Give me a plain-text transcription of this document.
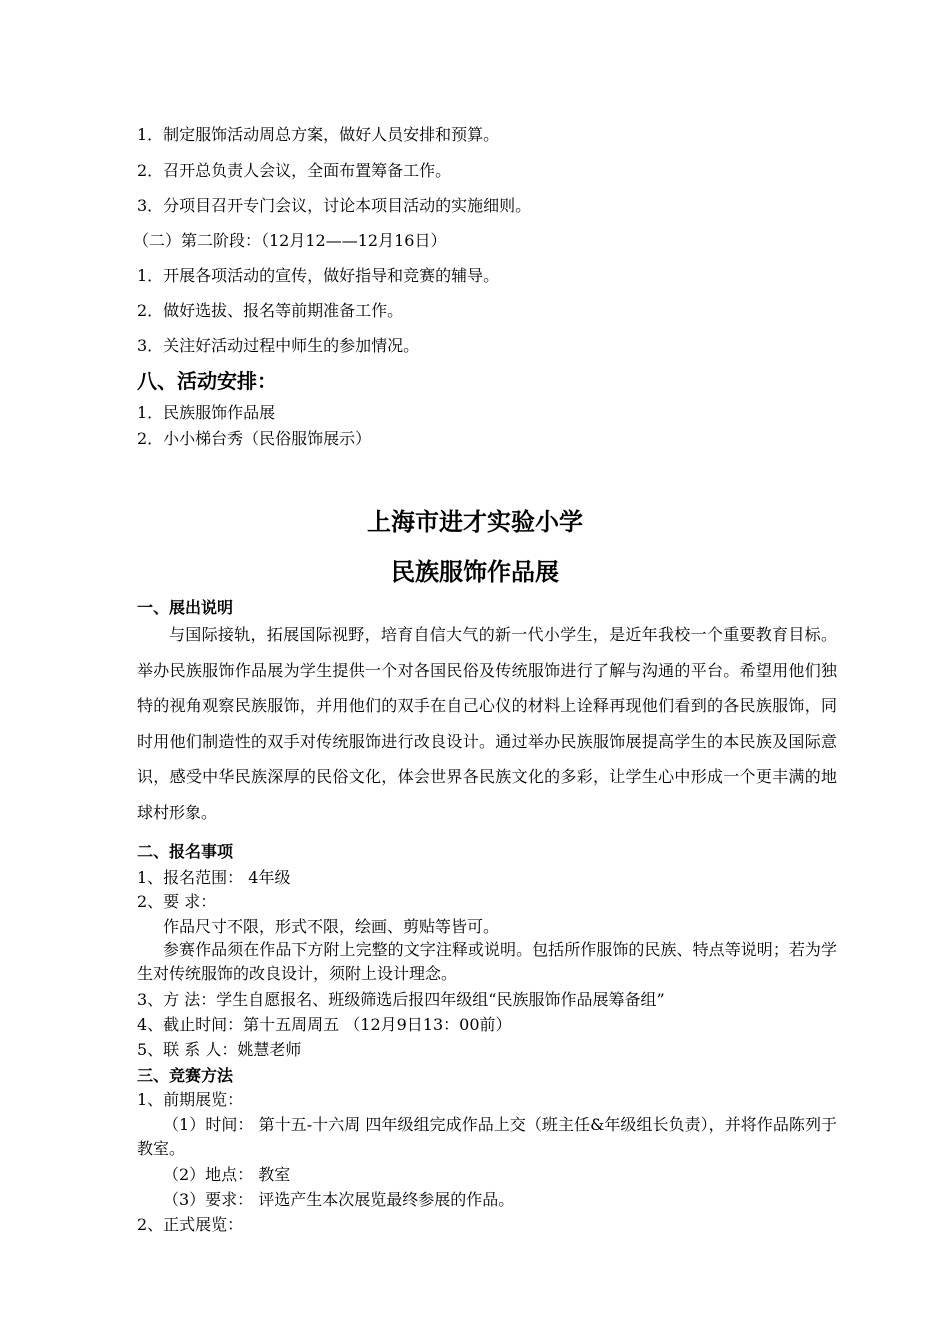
1．制定服饰活动周总方案，做好人员安排和预算。
2．召开总负责人会议，全面布置筹备工作。
3．分项目召开专门会议，讨论本项目活动的实施细则。
（二）第二阶段：（12月12——12月16日）
1．开展各项活动的宣传，做好指导和竞赛的辅导。
2．做好选拔、报名等前期准备工作。
3．关注好活动过程中师生的参加情况。
八、活动安排：
1．民族服饰作品展
2．小小梯台秀（民俗服饰展示）
上海市进才实验小学
民族服饰作品展
一、展出说明
与国际接轨，拓展国际视野，培育自信大气的新一代小学生，是近年我校一个重要教育目标。举办民族服饰作品展为学生提供一个对各国民俗及传统服饰进行了解与沟通的平台。希望用他们独特的视角观察民族服饰，并用他们的双手在自己心仪的材料上诠释再现他们看到的各民族服饰，同时用他们制造性的双手对传统服饰进行改良设计。通过举办民族服饰展提高学生的本民族及国际意识，感受中华民族深厚的民俗文化，体会世界各民族文化的多彩，让学生心中形成一个更丰满的地球村形象。
二、报名事项
1、报名范围： 4年级
2、要 求：
作品尺寸不限，形式不限，绘画、剪贴等皆可。
参赛作品须在作品下方附上完整的文字注释或说明。包括所作服饰的民族、特点等说明；若为学生对传统服饰的改良设计，须附上设计理念。
3、方 法：学生自愿报名、班级筛选后报四年级组“民族服饰作品展筹备组”
4、截止时间：第十五周周五 （12月9日13：00前）
5、联 系 人：姚慧老师
三、竞赛方法
1、前期展览：
（1）时间： 第十五-十六周 四年级组完成作品上交（班主任&年级组长负责），并将作品陈列于 教室。
（2）地点： 教室
（3）要求： 评选产生本次展览最终参展的作品。
2、正式展览：
